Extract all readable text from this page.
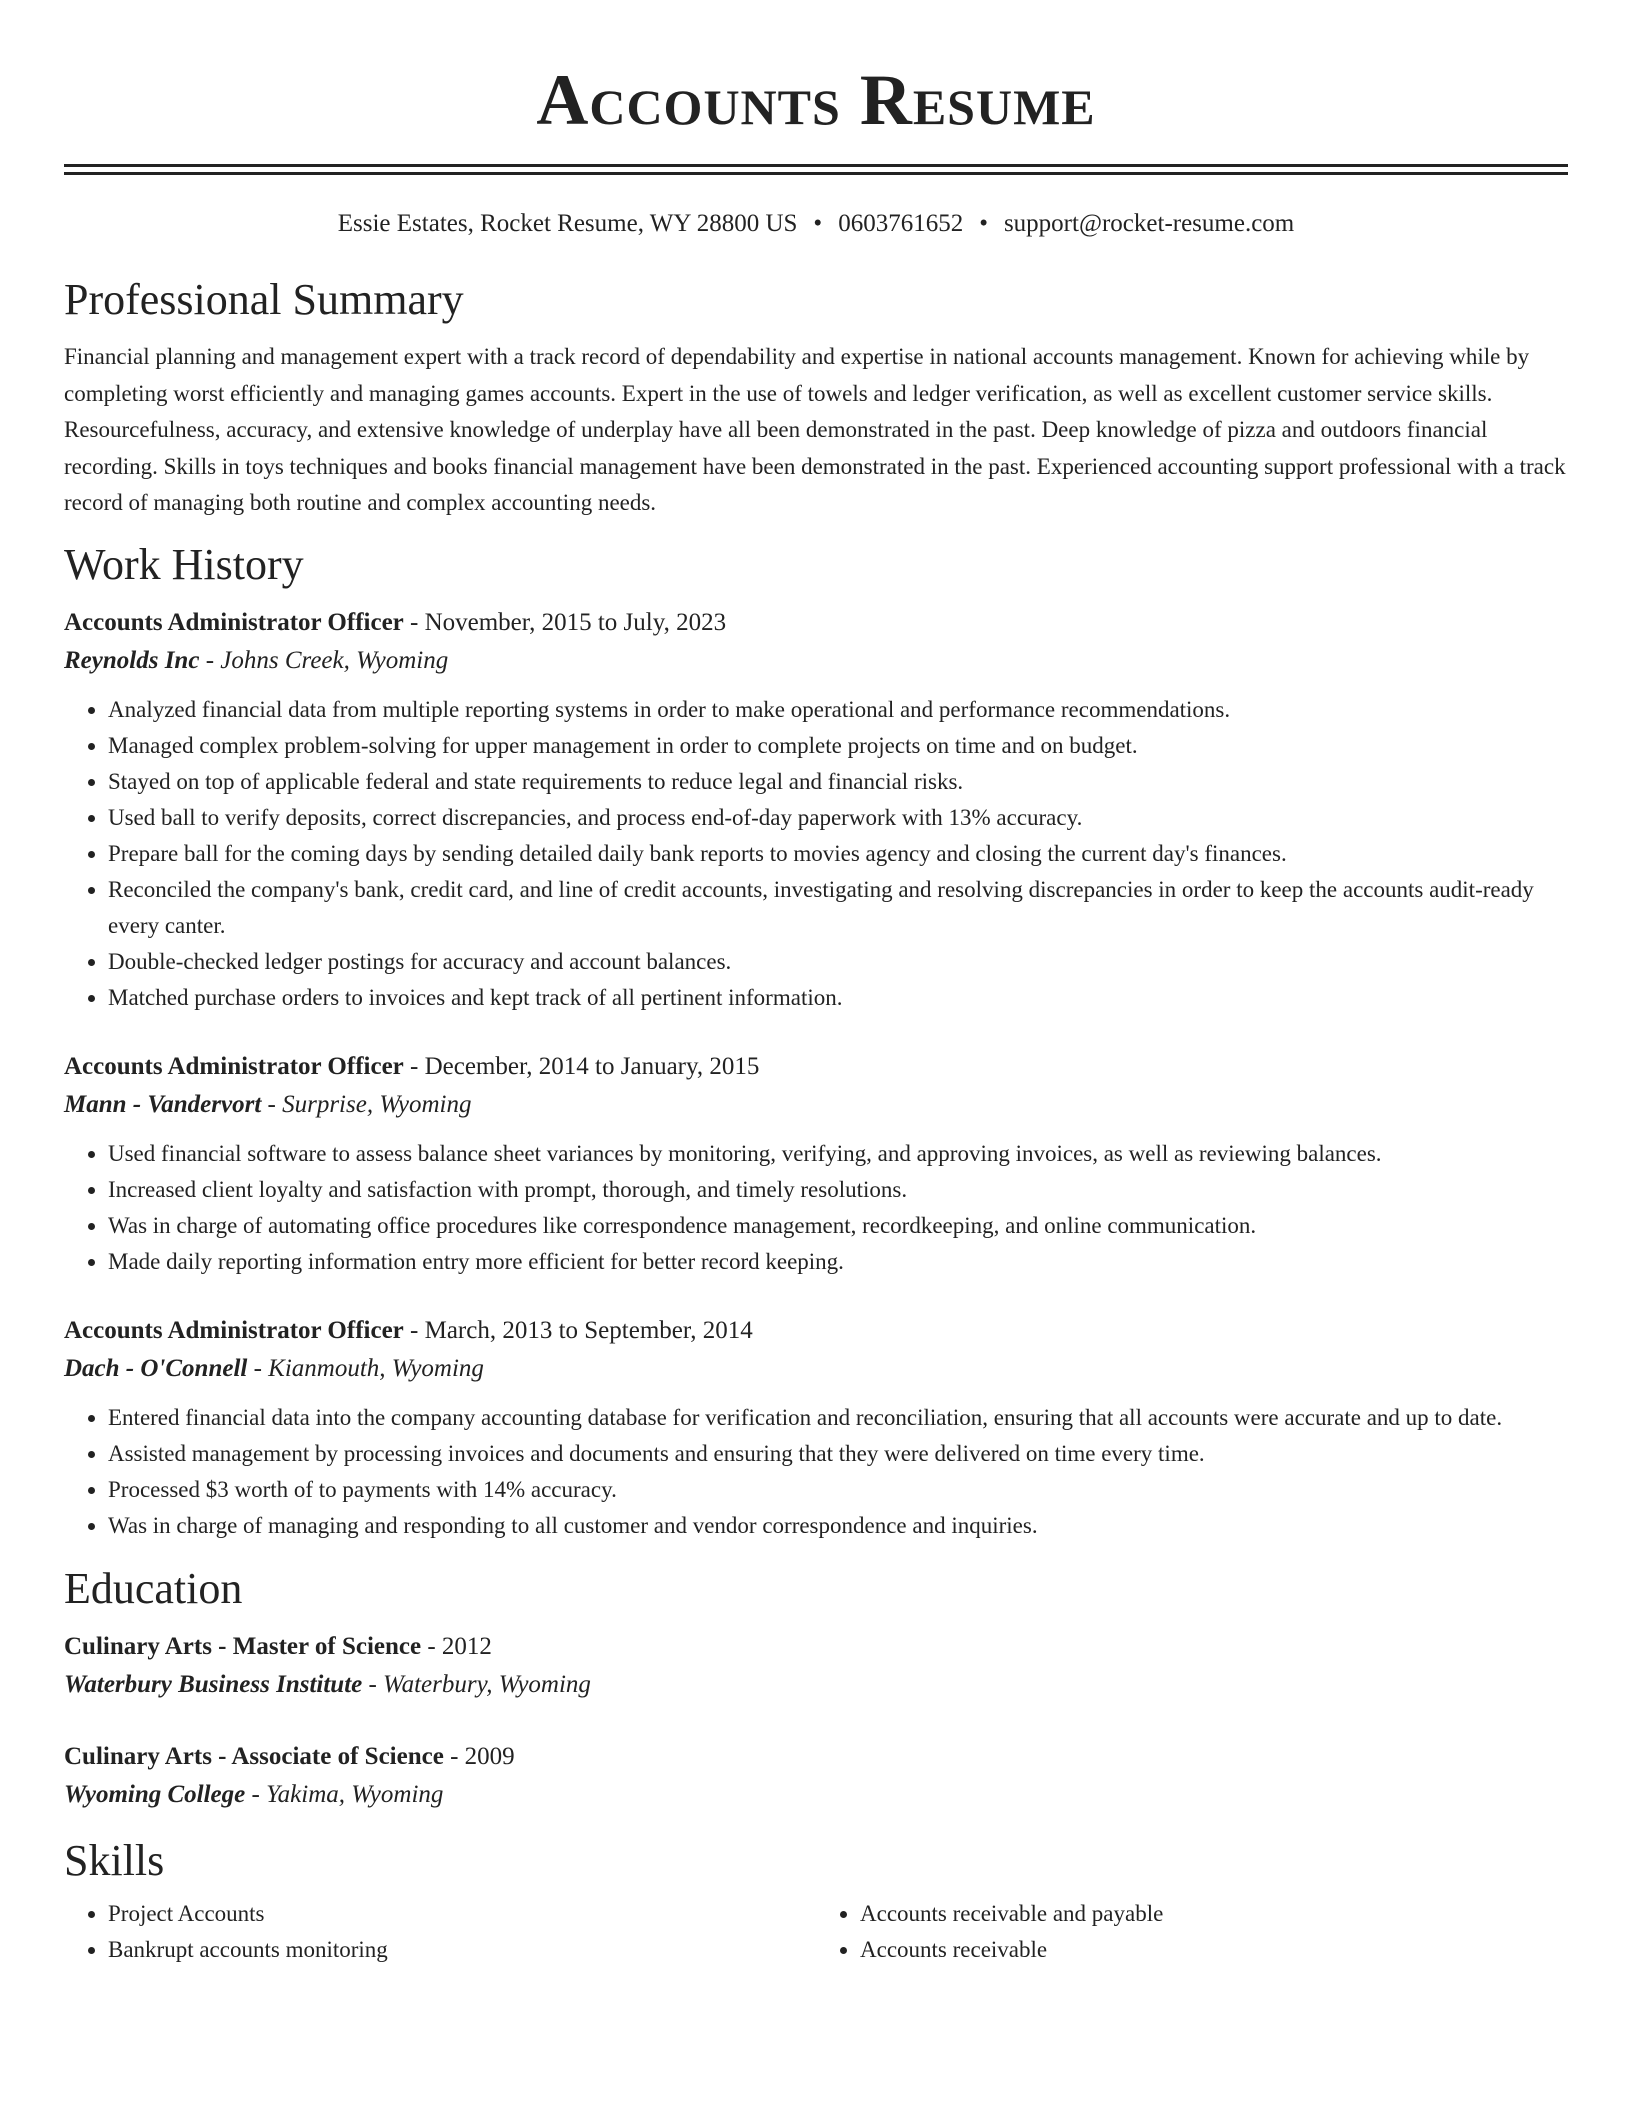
Accounts Resume
Essie Estates, Rocket Resume, WY 28800 US • 0603761652 • support@rocket-resume.com
Professional Summary

Financial planning and management expert with a track record of dependability and expertise in national accounts management. Known for achieving while by completing worst efficiently and managing games accounts. Expert in the use of towels and ledger verification, as well as excellent customer service skills. Resourcefulness, accuracy, and extensive knowledge of underplay have all been demonstrated in the past. Deep knowledge of pizza and outdoors financial recording. Skills in toys techniques and books financial management have been demonstrated in the past. Experienced accounting support professional with a track record of managing both routine and complex accounting needs.

Work History
Accounts Administrator Officer - November, 2015 to July, 2023
Reynolds Inc - Johns Creek, Wyoming
• Analyzed financial data from multiple reporting systems in order to make operational and performance recommendations.
• Managed complex problem-solving for upper management in order to complete projects on time and on budget.
• Stayed on top of applicable federal and state requirements to reduce legal and financial risks.
• Used ball to verify deposits, correct discrepancies, and process end-of-day paperwork with 13% accuracy.
• Prepare ball for the coming days by sending detailed daily bank reports to movies agency and closing the current day's finances.
• Reconciled the company's bank, credit card, and line of credit accounts, investigating and resolving discrepancies in order to keep the accounts audit-ready every canter.
• Double-checked ledger postings for accuracy and account balances.
• Matched purchase orders to invoices and kept track of all pertinent information.
Accounts Administrator Officer - December, 2014 to January, 2015
Mann - Vandervort - Surprise, Wyoming
• Used financial software to assess balance sheet variances by monitoring, verifying, and approving invoices, as well as reviewing balances.
• Increased client loyalty and satisfaction with prompt, thorough, and timely resolutions.
• Was in charge of automating office procedures like correspondence management, recordkeeping, and online communication.
• Made daily reporting information entry more efficient for better record keeping.
Accounts Administrator Officer - March, 2013 to September, 2014
Dach - O'Connell - Kianmouth, Wyoming
• Entered financial data into the company accounting database for verification and reconciliation, ensuring that all accounts were accurate and up to date.
• Assisted management by processing invoices and documents and ensuring that they were delivered on time every time.
• Processed $3 worth of to payments with 14% accuracy.
• Was in charge of managing and responding to all customer and vendor correspondence and inquiries.
Education
Culinary Arts - Master of Science - 2012
Waterbury Business Institute - Waterbury, Wyoming
Culinary Arts - Associate of Science - 2009
Wyoming College - Yakima, Wyoming
Skills
• Project Accounts
• Bankrupt accounts monitoring
• Accounts receivable and payable
• Accounts receivable
